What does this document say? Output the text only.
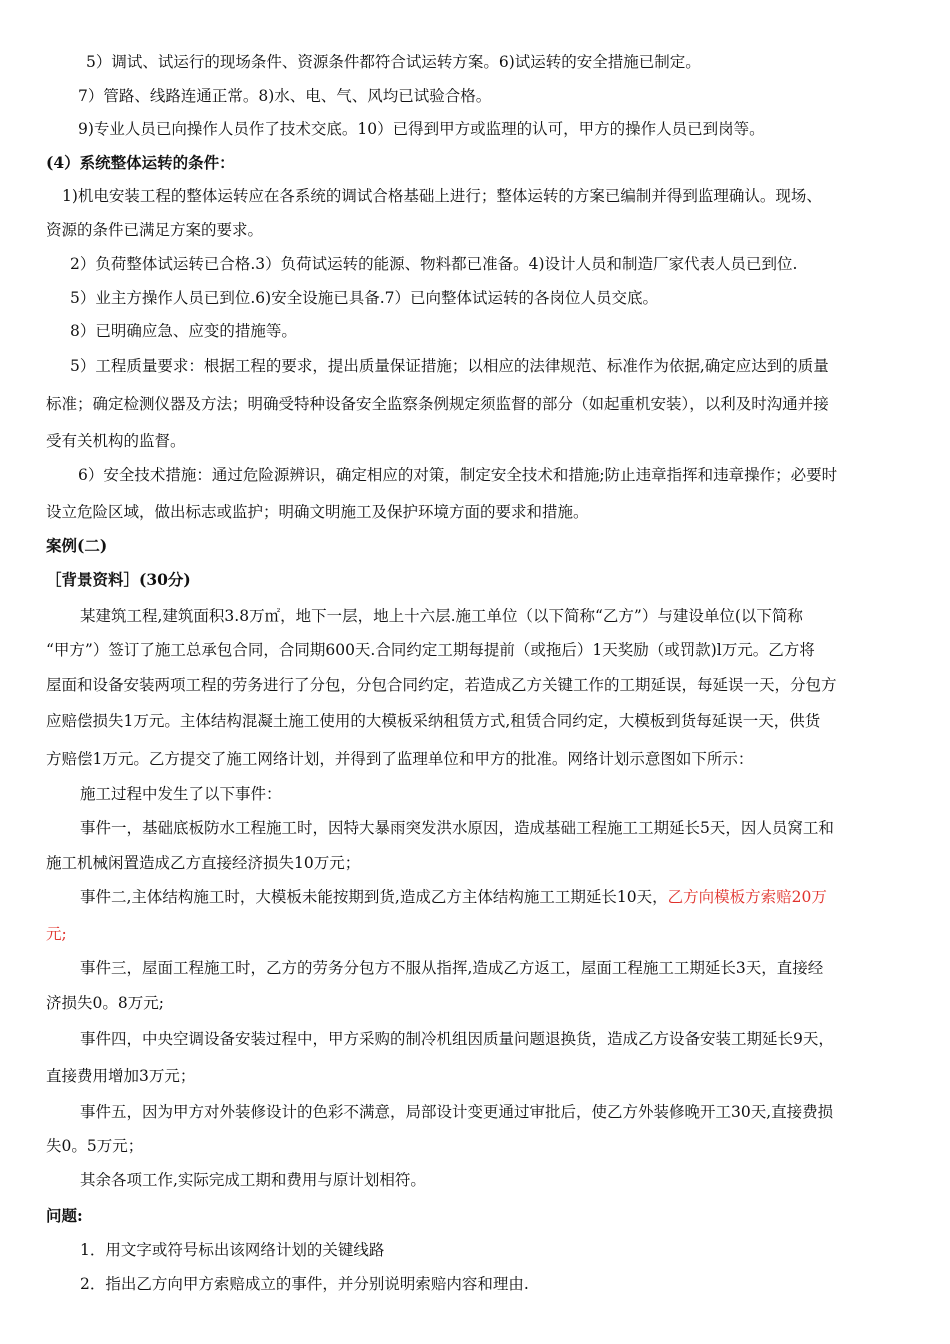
5）调试、试运行的现场条件、资源条件都符合试运转方案。6)试运转的安全措施已制定。
7）管路、线路连通正常。8)水、电、气、风均已试验合格。
9)专业人员已向操作人员作了技术交底。10）已得到甲方或监理的认可，甲方的操作人员已到岗等。
(4）系统整体运转的条件：
1)机电安装工程的整体运转应在各系统的调试合格基础上进行；整体运转的方案已编制并得到监理确认。现场、
资源的条件已满足方案的要求。
2）负荷整体试运转已合格.3）负荷试运转的能源、物料都已准备。4)设计人员和制造厂家代表人员已到位.
5）业主方操作人员已到位.6)安全设施已具备.7）已向整体试运转的各岗位人员交底。
8）已明确应急、应变的措施等。
5）工程质量要求：根据工程的要求，提出质量保证措施；以相应的法律规范、标准作为依据,确定应达到的质量
标准；确定检测仪器及方法；明确受特种设备安全监察条例规定须监督的部分（如起重机安装），以利及时沟通并接
受有关机构的监督。
6）安全技术措施：通过危险源辨识，确定相应的对策，制定安全技术和措施;防止违章指挥和违章操作；必要时
设立危险区域，做出标志或监护；明确文明施工及保护环境方面的要求和措施。
案例(二)
［背景资料］(30分)
某建筑工程,建筑面积3.8万㎡，地下一层，地上十六层.施工单位（以下简称“乙方”）与建设单位(以下简称
“甲方”）签订了施工总承包合同，合同期600天.合同约定工期每提前（或拖后）1天奖励（或罚款)l万元。乙方将
屋面和设备安装两项工程的劳务进行了分包，分包合同约定，若造成乙方关键工作的工期延误，每延误一天，分包方
应赔偿损失1万元。主体结构混凝土施工使用的大模板采纳租赁方式,租赁合同约定，大模板到货每延误一天，供货
方赔偿1万元。乙方提交了施工网络计划，并得到了监理单位和甲方的批准。网络计划示意图如下所示：
施工过程中发生了以下事件：
事件一，基础底板防水工程施工时，因特大暴雨突发洪水原因，造成基础工程施工工期延长5天，因人员窝工和
施工机械闲置造成乙方直接经济损失10万元；
事件二,主体结构施工时，大模板未能按期到货,造成乙方主体结构施工工期延长10天，乙方向模板方索赔20万
元;
事件三，屋面工程施工时，乙方的劳务分包方不服从指挥,造成乙方返工，屋面工程施工工期延长3天，直接经
济损失0。8万元;
事件四，中央空调设备安装过程中，甲方采购的制冷机组因质量问题退换货，造成乙方设备安装工期延长9天，
直接费用增加3万元；
事件五，因为甲方对外装修设计的色彩不满意，局部设计变更通过审批后，使乙方外装修晚开工30天,直接费损
失0。5万元；
其余各项工作,实际完成工期和费用与原计划相符。
问题:
1．用文字或符号标出该网络计划的关键线路
2．指出乙方向甲方索赔成立的事件，并分别说明索赔内容和理由.
